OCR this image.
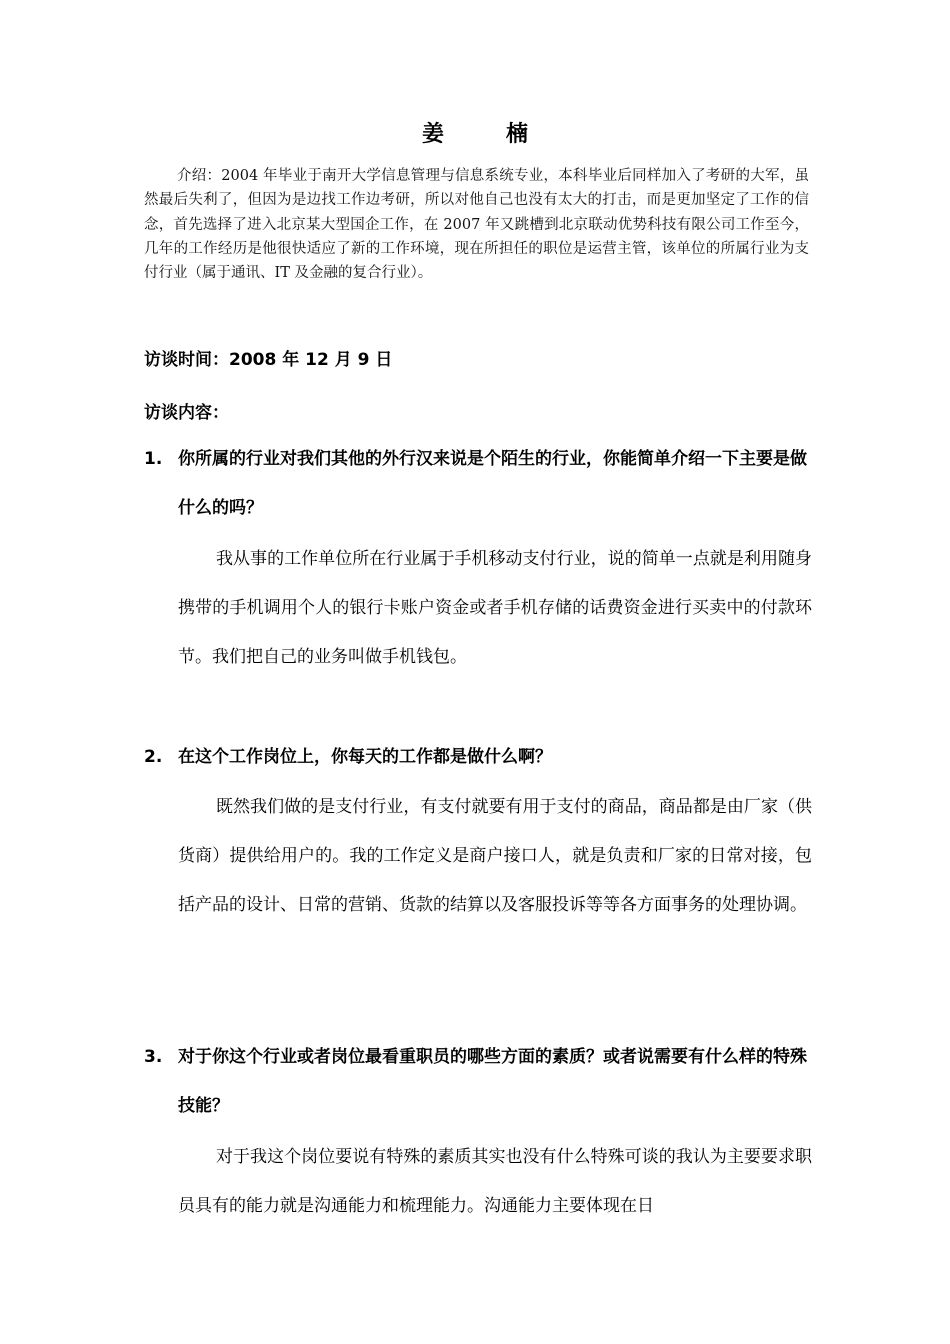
姜　楠
介绍：2004 年毕业于南开大学信息管理与信息系统专业，本科毕业后同样加入了考研的大军，虽然最后失利了，但因为是边找工作边考研，所以对他自己也没有太大的打击，而是更加坚定了工作的信念，首先选择了进入北京某大型国企工作，在 2007 年又跳槽到北京联动优势科技有限公司工作至今，几年的工作经历是他很快适应了新的工作环境，现在所担任的职位是运营主管，该单位的所属行业为支付行业（属于通讯、IT 及金融的复合行业）。
访谈时间：2008 年 12 月 9 日
访谈内容：
1. 你所属的行业对我们其他的外行汉来说是个陌生的行业，你能简单介绍一下主要是做什么的吗？
我从事的工作单位所在行业属于手机移动支付行业，说的简单一点就是利用随身携带的手机调用个人的银行卡账户资金或者手机存储的话费资金进行买卖中的付款环节。我们把自己的业务叫做手机钱包。
2. 在这个工作岗位上，你每天的工作都是做什么啊？
既然我们做的是支付行业，有支付就要有用于支付的商品，商品都是由厂家（供货商）提供给用户的。我的工作定义是商户接口人，就是负责和厂家的日常对接，包括产品的设计、日常的营销、货款的结算以及客服投诉等等各方面事务的处理协调。
3. 对于你这个行业或者岗位最看重职员的哪些方面的素质？或者说需要有什么样的特殊技能？
对于我这个岗位要说有特殊的素质其实也没有什么特殊可谈的我认为主要要求职员具有的能力就是沟通能力和梳理能力。沟通能力主要体现在日
